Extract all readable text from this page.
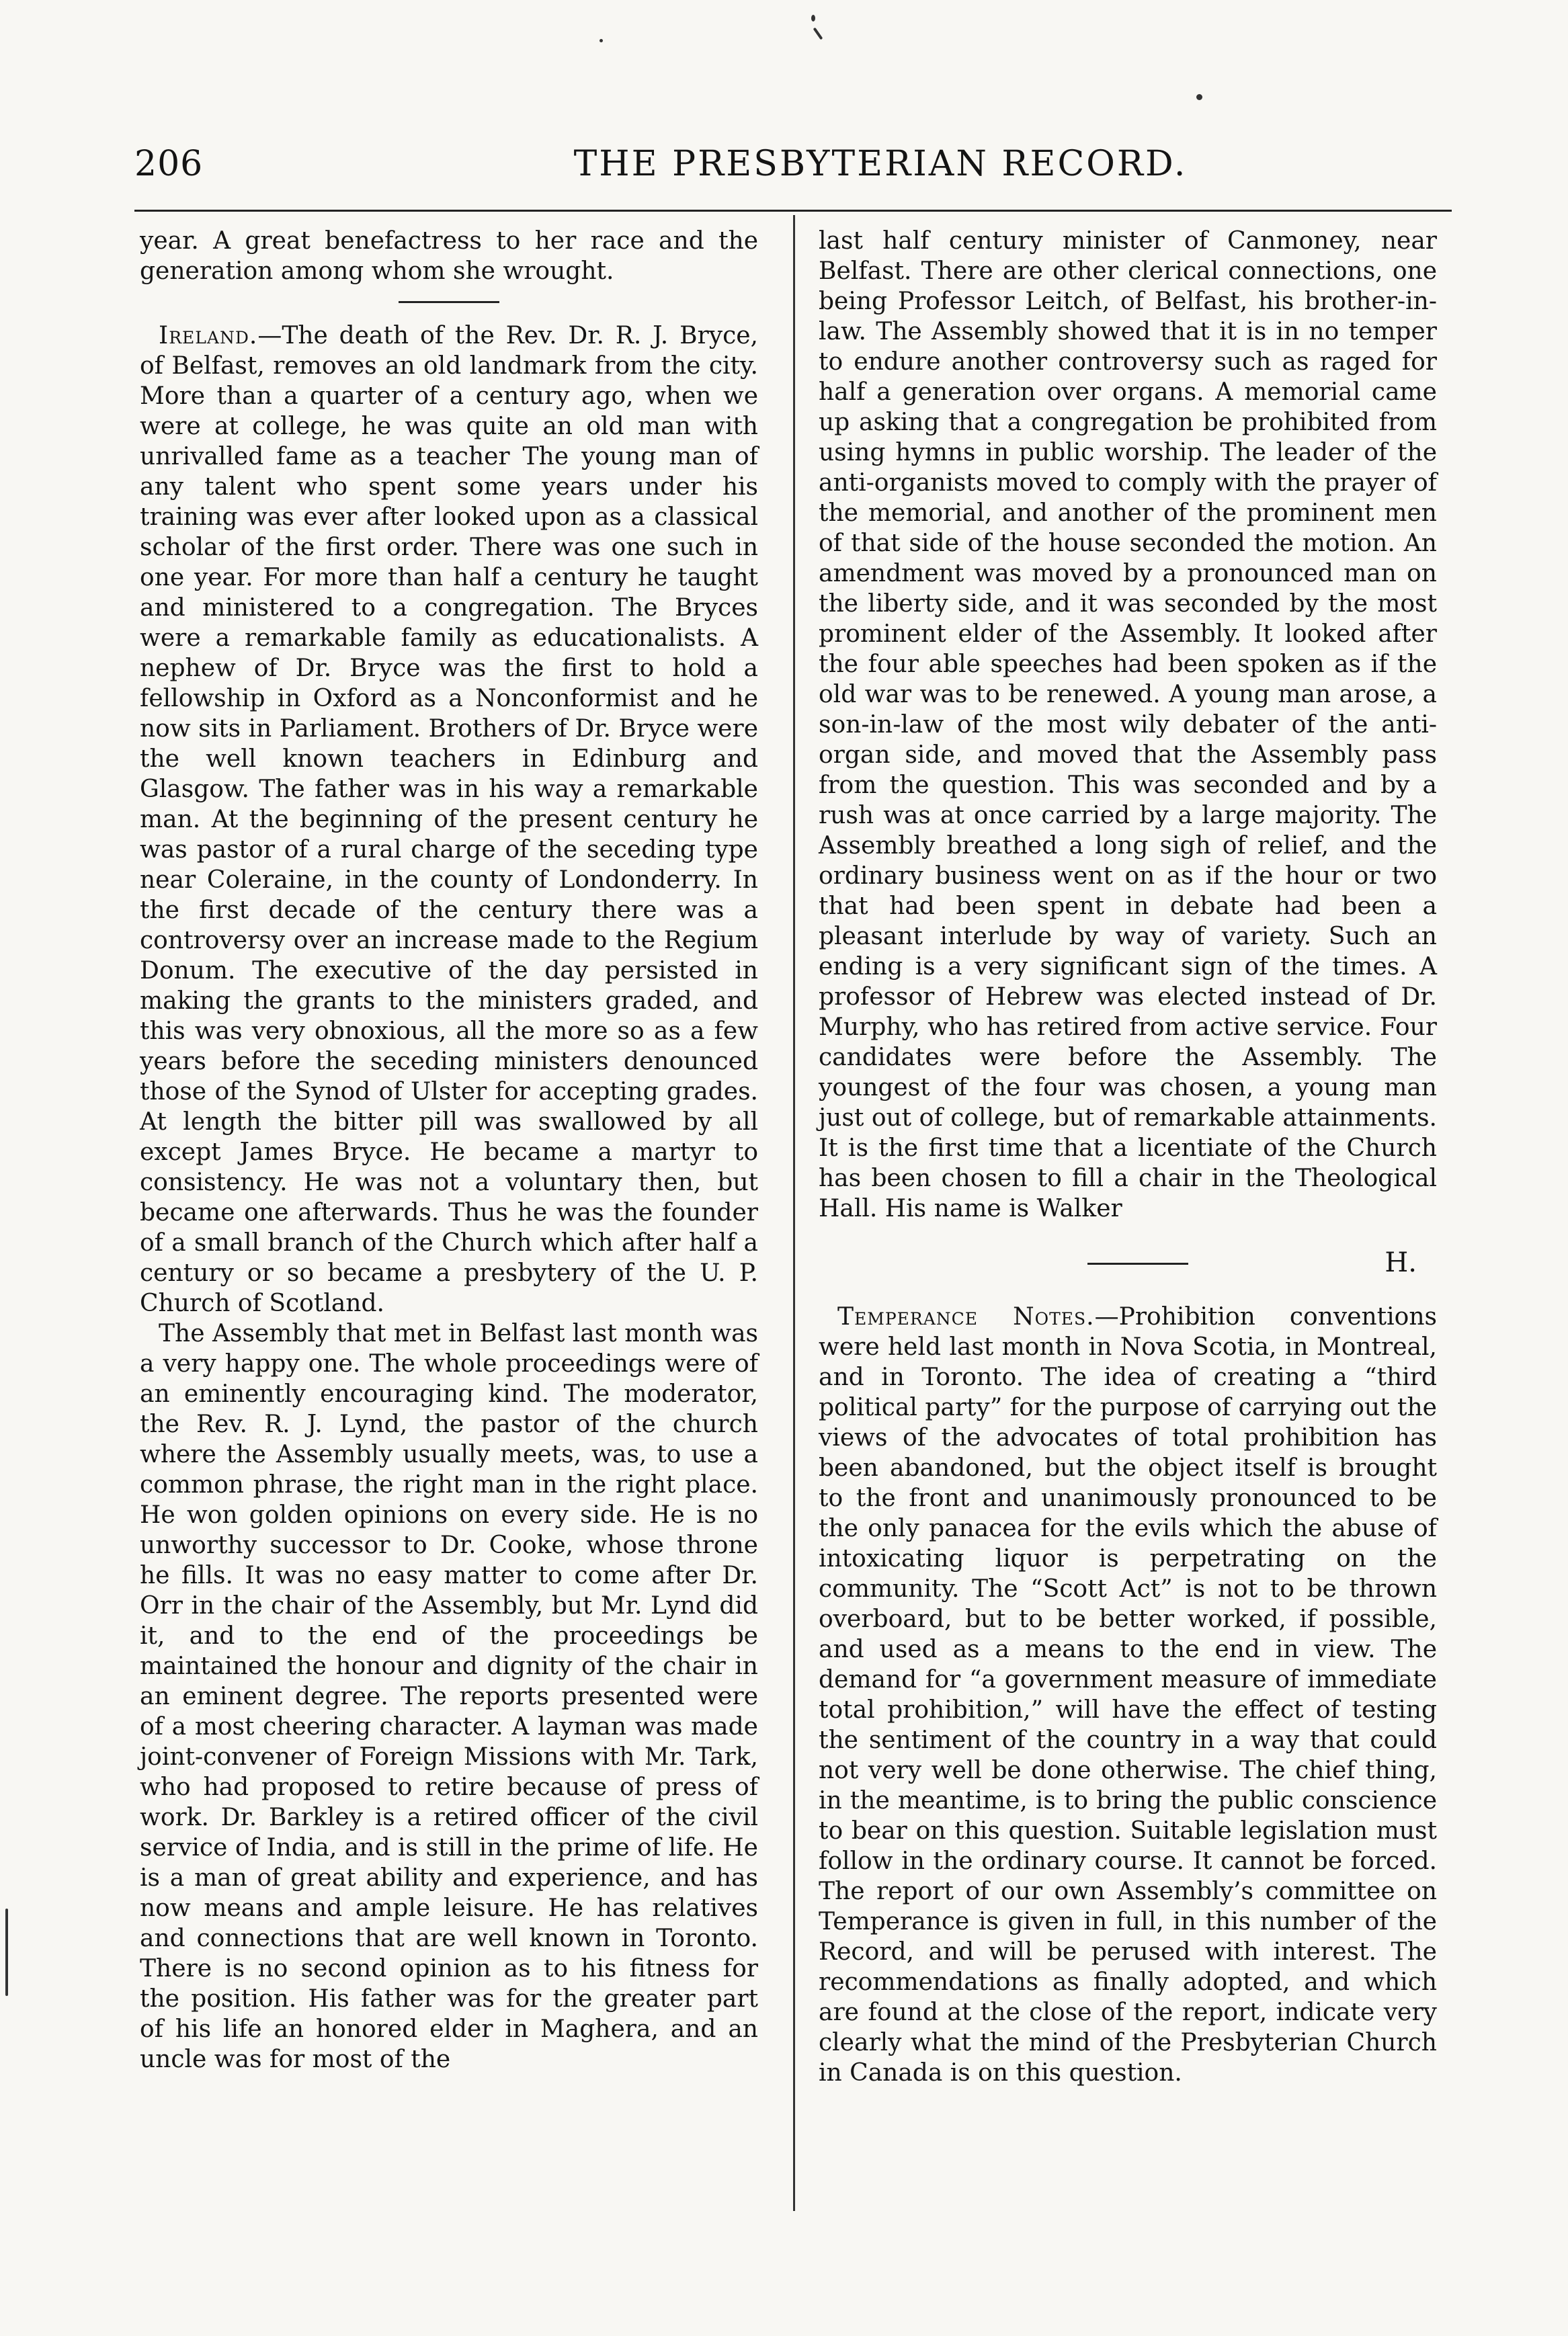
206	THE PRESBYTERIAN RECORD.

year. A great benefactress to her race and the generation among whom she wrought.

Ireland.—The death of the Rev. Dr. R. J. Bryce, of Belfast, removes an old landmark from the city. More than a quarter of a century ago, when we were at college, he was quite an old man with unrivalled fame as a teacher The young man of any talent who spent some years under his training was ever after looked upon as a classical scholar of the first order. There was one such in one year. For more than half a century he taught and ministered to a congregation. The Bryces were a remarkable family as educationalists. A nephew of Dr. Bryce was the first to hold a fellowship in Oxford as a Nonconformist and he now sits in Parliament. Brothers of Dr. Bryce were the well known teachers in Edinburg and Glasgow. The father was in his way a remarkable man. At the beginning of the present century he was pastor of a rural charge of the seceding type near Coleraine, in the county of Londonderry. In the first decade of the century there was a controversy over an increase made to the Regium Donum. The executive of the day persisted in making the grants to the ministers graded, and this was very obnoxious, all the more so as a few years before the seceding ministers denounced those of the Synod of Ulster for accepting grades. At length the bitter pill was swallowed by all except James Bryce. He became a martyr to consistency. He was not a voluntary then, but became one afterwards. Thus he was the founder of a small branch of the Church which after half a century or so became a presbytery of the U. P. Church of Scotland.

The Assembly that met in Belfast last month was a very happy one. The whole proceedings were of an eminently encouraging kind. The moderator, the Rev. R. J. Lynd, the pastor of the church where the Assembly usually meets, was, to use a common phrase, the right man in the right place. He won golden opinions on every side. He is no unworthy successor to Dr. Cooke, whose throne he fills. It was no easy matter to come after Dr. Orr in the chair of the Assembly, but Mr. Lynd did it, and to the end of the proceedings be maintained the honour and dignity of the chair in an eminent degree. The reports presented were of a most cheering character. A layman was made joint-convener of Foreign Missions with Mr. Tark, who had proposed to retire because of press of work. Dr. Barkley is a retired officer of the civil service of India, and is still in the prime of life. He is a man of great ability and experience, and has now means and ample leisure. He has relatives and connections that are well known in Toronto. There is no second opinion as to his fitness for the position. His father was for the greater part of his life an honored elder in Maghera, and an uncle was for most of the

last half century minister of Canmoney, near Belfast. There are other clerical connections, one being Professor Leitch, of Belfast, his brother-in-law. The Assembly showed that it is in no temper to endure another controversy such as raged for half a generation over organs. A memorial came up asking that a congregation be prohibited from using hymns in public worship. The leader of the anti-organists moved to comply with the prayer of the memorial, and another of the prominent men of that side of the house seconded the motion. An amendment was moved by a pronounced man on the liberty side, and it was seconded by the most prominent elder of the Assembly. It looked after the four able speeches had been spoken as if the old war was to be renewed. A young man arose, a son-in-law of the most wily debater of the anti-organ side, and moved that the Assembly pass from the question. This was seconded and by a rush was at once carried by a large majority. The Assembly breathed a long sigh of relief, and the ordinary business went on as if the hour or two that had been spent in debate had been a pleasant interlude by way of variety. Such an ending is a very significant sign of the times. A professor of Hebrew was elected instead of Dr. Murphy, who has retired from active service. Four candidates were before the Assembly. The youngest of the four was chosen, a young man just out of college, but of remarkable attainments. It is the first time that a licentiate of the Church has been chosen to fill a chair in the Theological Hall. His name is Walker

H.

Temperance Notes.—Prohibition conventions were held last month in Nova Scotia, in Montreal, and in Toronto. The idea of creating a “third political party” for the purpose of carrying out the views of the advocates of total prohibition has been abandoned, but the object itself is brought to the front and unanimously pronounced to be the only panacea for the evils which the abuse of intoxicating liquor is perpetrating on the community. The “Scott Act” is not to be thrown overboard, but to be better worked, if possible, and used as a means to the end in view. The demand for “a government measure of immediate total prohibition,” will have the effect of testing the sentiment of the country in a way that could not very well be done otherwise. The chief thing, in the meantime, is to bring the public conscience to bear on this question. Suitable legislation must follow in the ordinary course. It cannot be forced. The report of our own Assembly’s committee on Temperance is given in full, in this number of the Record, and will be perused with interest. The recommendations as finally adopted, and which are found at the close of the report, indicate very clearly what the mind of the Presbyterian Church in Canada is on this question.
